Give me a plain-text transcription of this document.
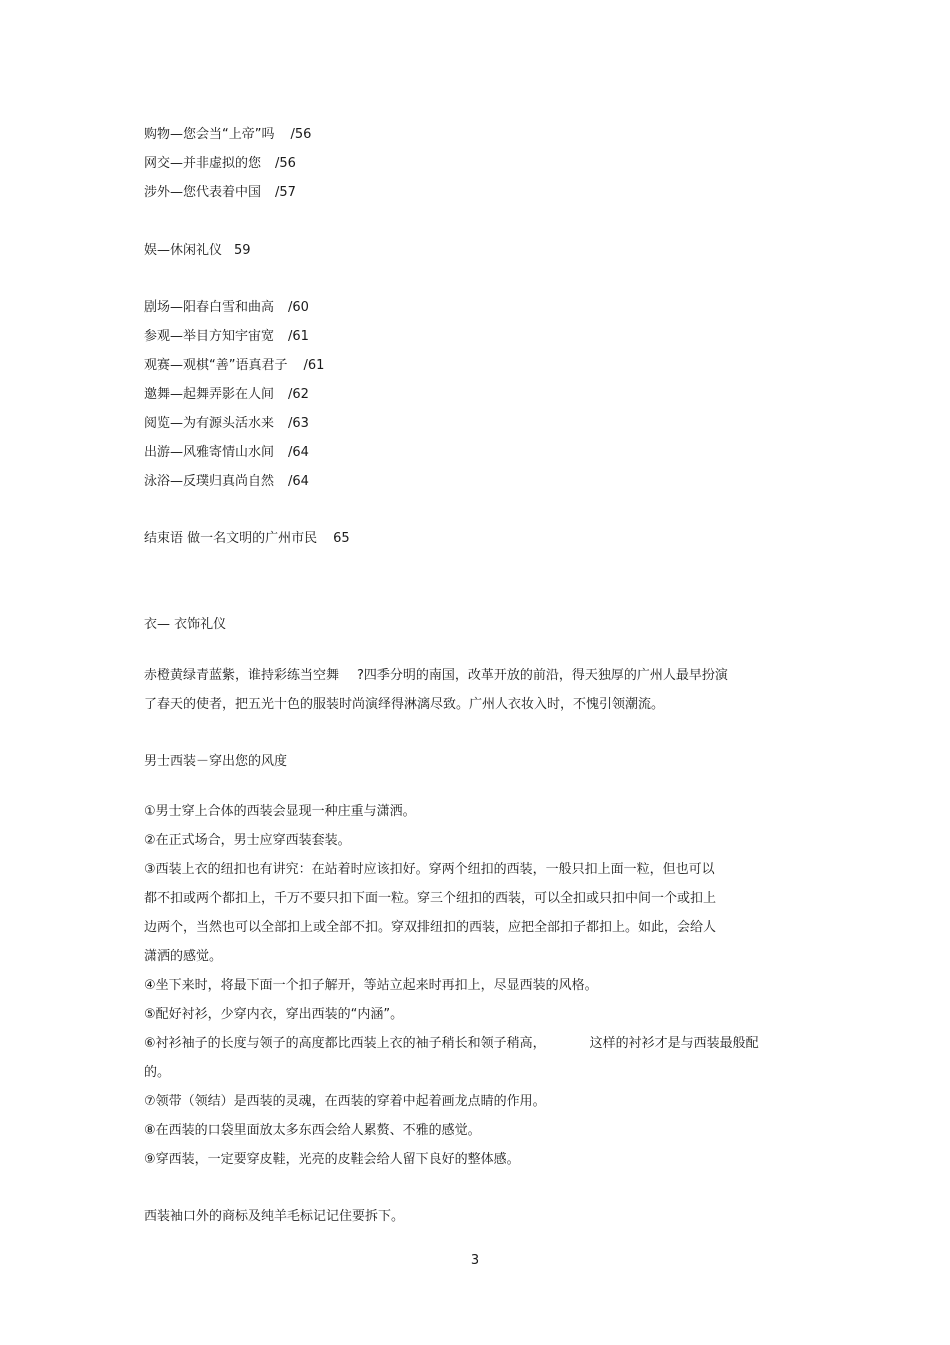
购物—您会当“上帝”吗 /56
网交—并非虚拟的您 /56
涉外—您代表着中国 /57
娱—休闲礼仪 59
剧场—阳春白雪和曲高 /60
参观—举目方知宇宙宽 /61
观赛—观棋“善”语真君子 /61
邀舞—起舞弄影在人间 /62
阅览—为有源头活水来 /63
出游—风雅寄情山水间 /64
泳浴—反璞归真尚自然 /64
结束语 做一名文明的广州市民 65
衣— 衣饰礼仪
赤橙黄绿青蓝紫，谁持彩练当空舞 ?四季分明的南国，改革开放的前沿，得天独厚的广州人最早扮演
了春天的使者，把五光十色的服装时尚演绎得淋漓尽致。广州人衣妆入时，不愧引领潮流。
男士西装－穿出您的风度
①男士穿上合体的西装会显现一种庄重与潇洒。
②在正式场合，男士应穿西装套装。
③西装上衣的纽扣也有讲究：在站着时应该扣好。穿两个纽扣的西装，一般只扣上面一粒，但也可以
都不扣或两个都扣上，千万不要只扣下面一粒。穿三个纽扣的西装，可以全扣或只扣中间一个或扣上
边两个，当然也可以全部扣上或全部不扣。穿双排纽扣的西装，应把全部扣子都扣上。如此，会给人
潇洒的感觉。
④坐下来时，将最下面一个扣子解开，等站立起来时再扣上，尽显西装的风格。
⑤配好衬衫，少穿内衣，穿出西装的“内涵”。
⑥衬衫袖子的长度与领子的高度都比西装上衣的袖子稍长和领子稍高，	这样的衬衫才是与西装最般配
的。
⑦领带（领结）是西装的灵魂，在西装的穿着中起着画龙点睛的作用。
⑧在西装的口袋里面放太多东西会给人累赘、不雅的感觉。
⑨穿西装，一定要穿皮鞋，光亮的皮鞋会给人留下良好的整体感。
西装袖口外的商标及纯羊毛标记记住要拆下。
3
